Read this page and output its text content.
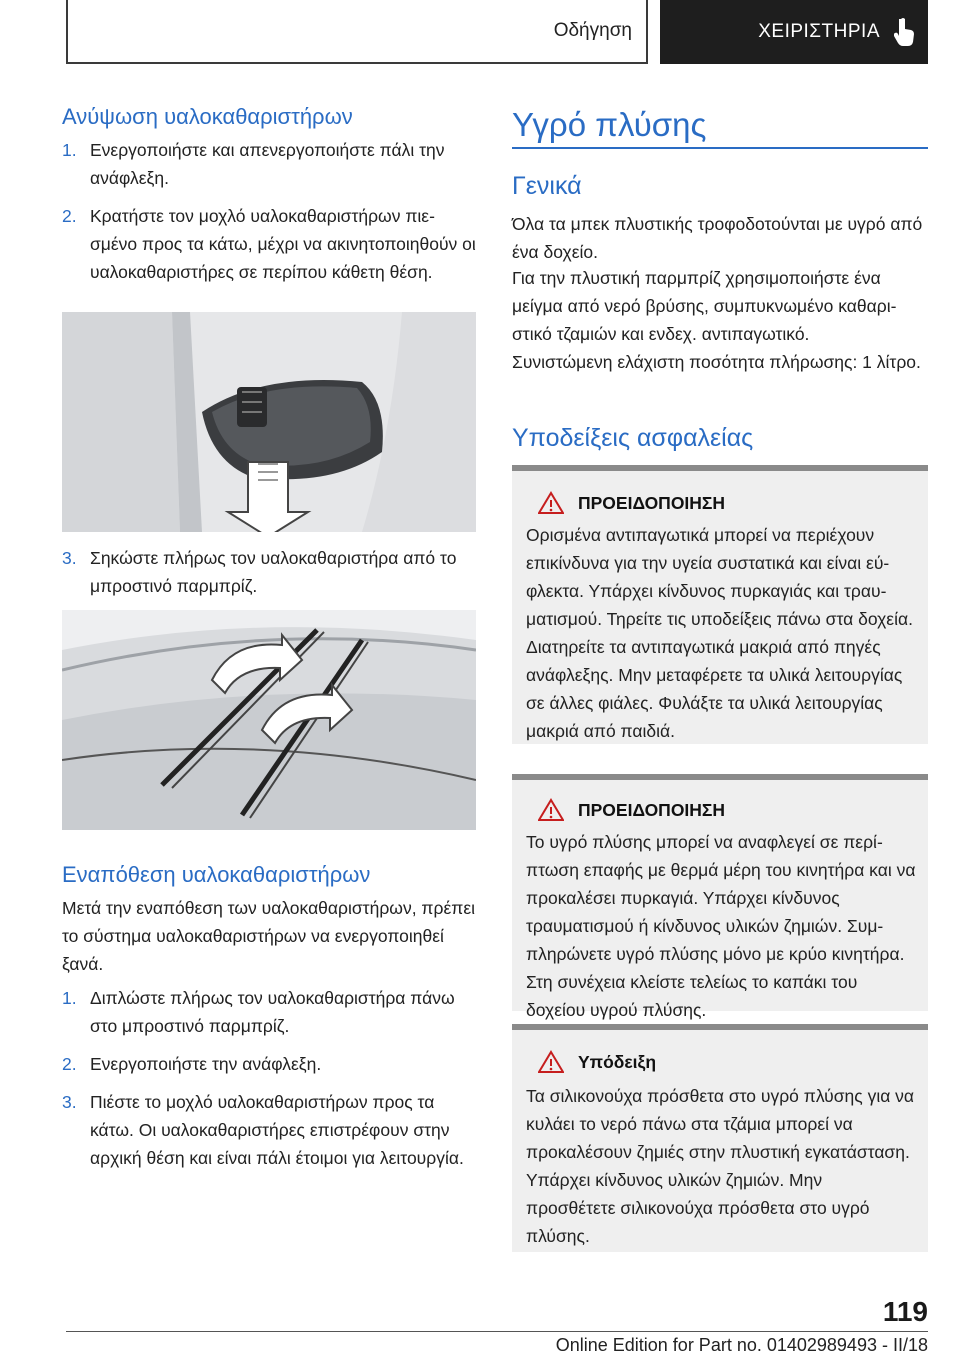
Οδήγηση	ΧΕΙΡΙΣΤΗΡΙΑ
Ανύψωση υαλοκαθαριστήρων
1. Ενεργοποιήστε και απενεργοποιήστε πάλι την ανάφλεξη.
2. Κρατήστε τον μοχλό υαλοκαθαριστήρων πιεσμένο προς τα κάτω, μέχρι να ακινητοποιηθούν οι υαλοκαθαριστήρες σε περίπου κάθετη θέση.
3. Σηκώστε πλήρως τον υαλοκαθαριστήρα από το μπροστινό παρμπρίζ.
Εναπόθεση υαλοκαθαριστήρων

Μετά την εναπόθεση των υαλοκαθαριστήρων, πρέπει το σύστημα υαλοκαθαριστήρων να ενεργοποιηθεί ξανά.

1. Διπλώστε πλήρως τον υαλοκαθαριστήρα πάνω στο μπροστινό παρμπρίζ.
2. Ενεργοποιήστε την ανάφλεξη.
3. Πιέστε το μοχλό υαλοκαθαριστήρων προς τα κάτω. Οι υαλοκαθαριστήρες επιστρέφουν στην αρχική θέση και είναι πάλι έτοιμοι για λειτουργία.
Υγρό πλύσης
Γενικά

Όλα τα μπεκ πλυστικής τροφοδοτούνται με υγρό από ένα δοχείο.

Για την πλυστική παρμπρίζ χρησιμοποιήστε ένα μείγμα από νερό βρύσης, συμπυκνωμένο καθαριστικό τζαμιών και ενδεχ. αντιπαγωτικό.

Συνιστώμενη ελάχιστη ποσότητα πλήρωσης: 1 λίτρο.

Υποδείξεις ασφαλείας
ΠΡΟΕΙΔΟΠΟΙΗΣΗ

Ορισμένα αντιπαγωτικά μπορεί να περιέχουν επικίνδυνα για την υγεία συστατικά και είναι εύφλεκτα. Υπάρχει κίνδυνος πυρκαγιάς και τραυματισμού. Τηρείτε τις υποδείξεις πάνω στα δοχεία. Διατηρείτε τα αντιπαγωτικά μακριά από πηγές ανάφλεξης. Μην μεταφέρετε τα υλικά λειτουργίας σε άλλες φιάλες. Φυλάξτε τα υλικά λειτουργίας μακριά από παιδιά.

ΠΡΟΕΙΔΟΠΟΙΗΣΗ

Το υγρό πλύσης μπορεί να αναφλεγεί σε περίπτωση επαφής με θερμά μέρη του κινητήρα και να προκαλέσει πυρκαγιά. Υπάρχει κίνδυνος τραυματισμού ή κίνδυνος υλικών ζημιών. Συμπληρώνετε υγρό πλύσης μόνο με κρύο κινητήρα. Στη συνέχεια κλείστε τελείως το καπάκι του δοχείου υγρού πλύσης.

Υπόδειξη

Τα σιλικονούχα πρόσθετα στο υγρό πλύσης για να κυλάει το νερό πάνω στα τζάμια μπορεί να προκαλέσουν ζημιές στην πλυστική εγκατάσταση. Υπάρχει κίνδυνος υλικών ζημιών. Μην προσθέτετε σιλικονούχα πρόσθετα στο υγρό πλύσης.

119
Online Edition for Part no. 01402989493 - II/18
